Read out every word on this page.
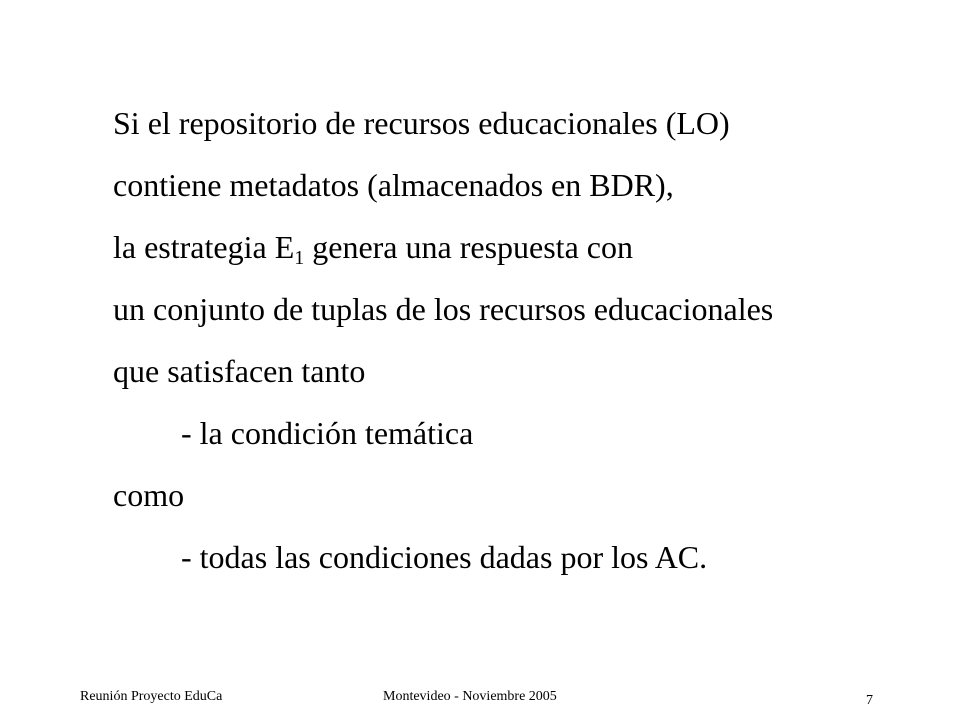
Si el repositorio de recursos educacionales (LO)
contiene metadatos (almacenados en BDR),
la estrategia $E_1$ genera una respuesta con
un conjunto de tuplas de los recursos educacionales
que satisfacen tanto
- la condición temática
como
- todas las condiciones dadas por los AC.
Reunión Proyecto EduCa	Montevideo - Noviembre 2005	7
